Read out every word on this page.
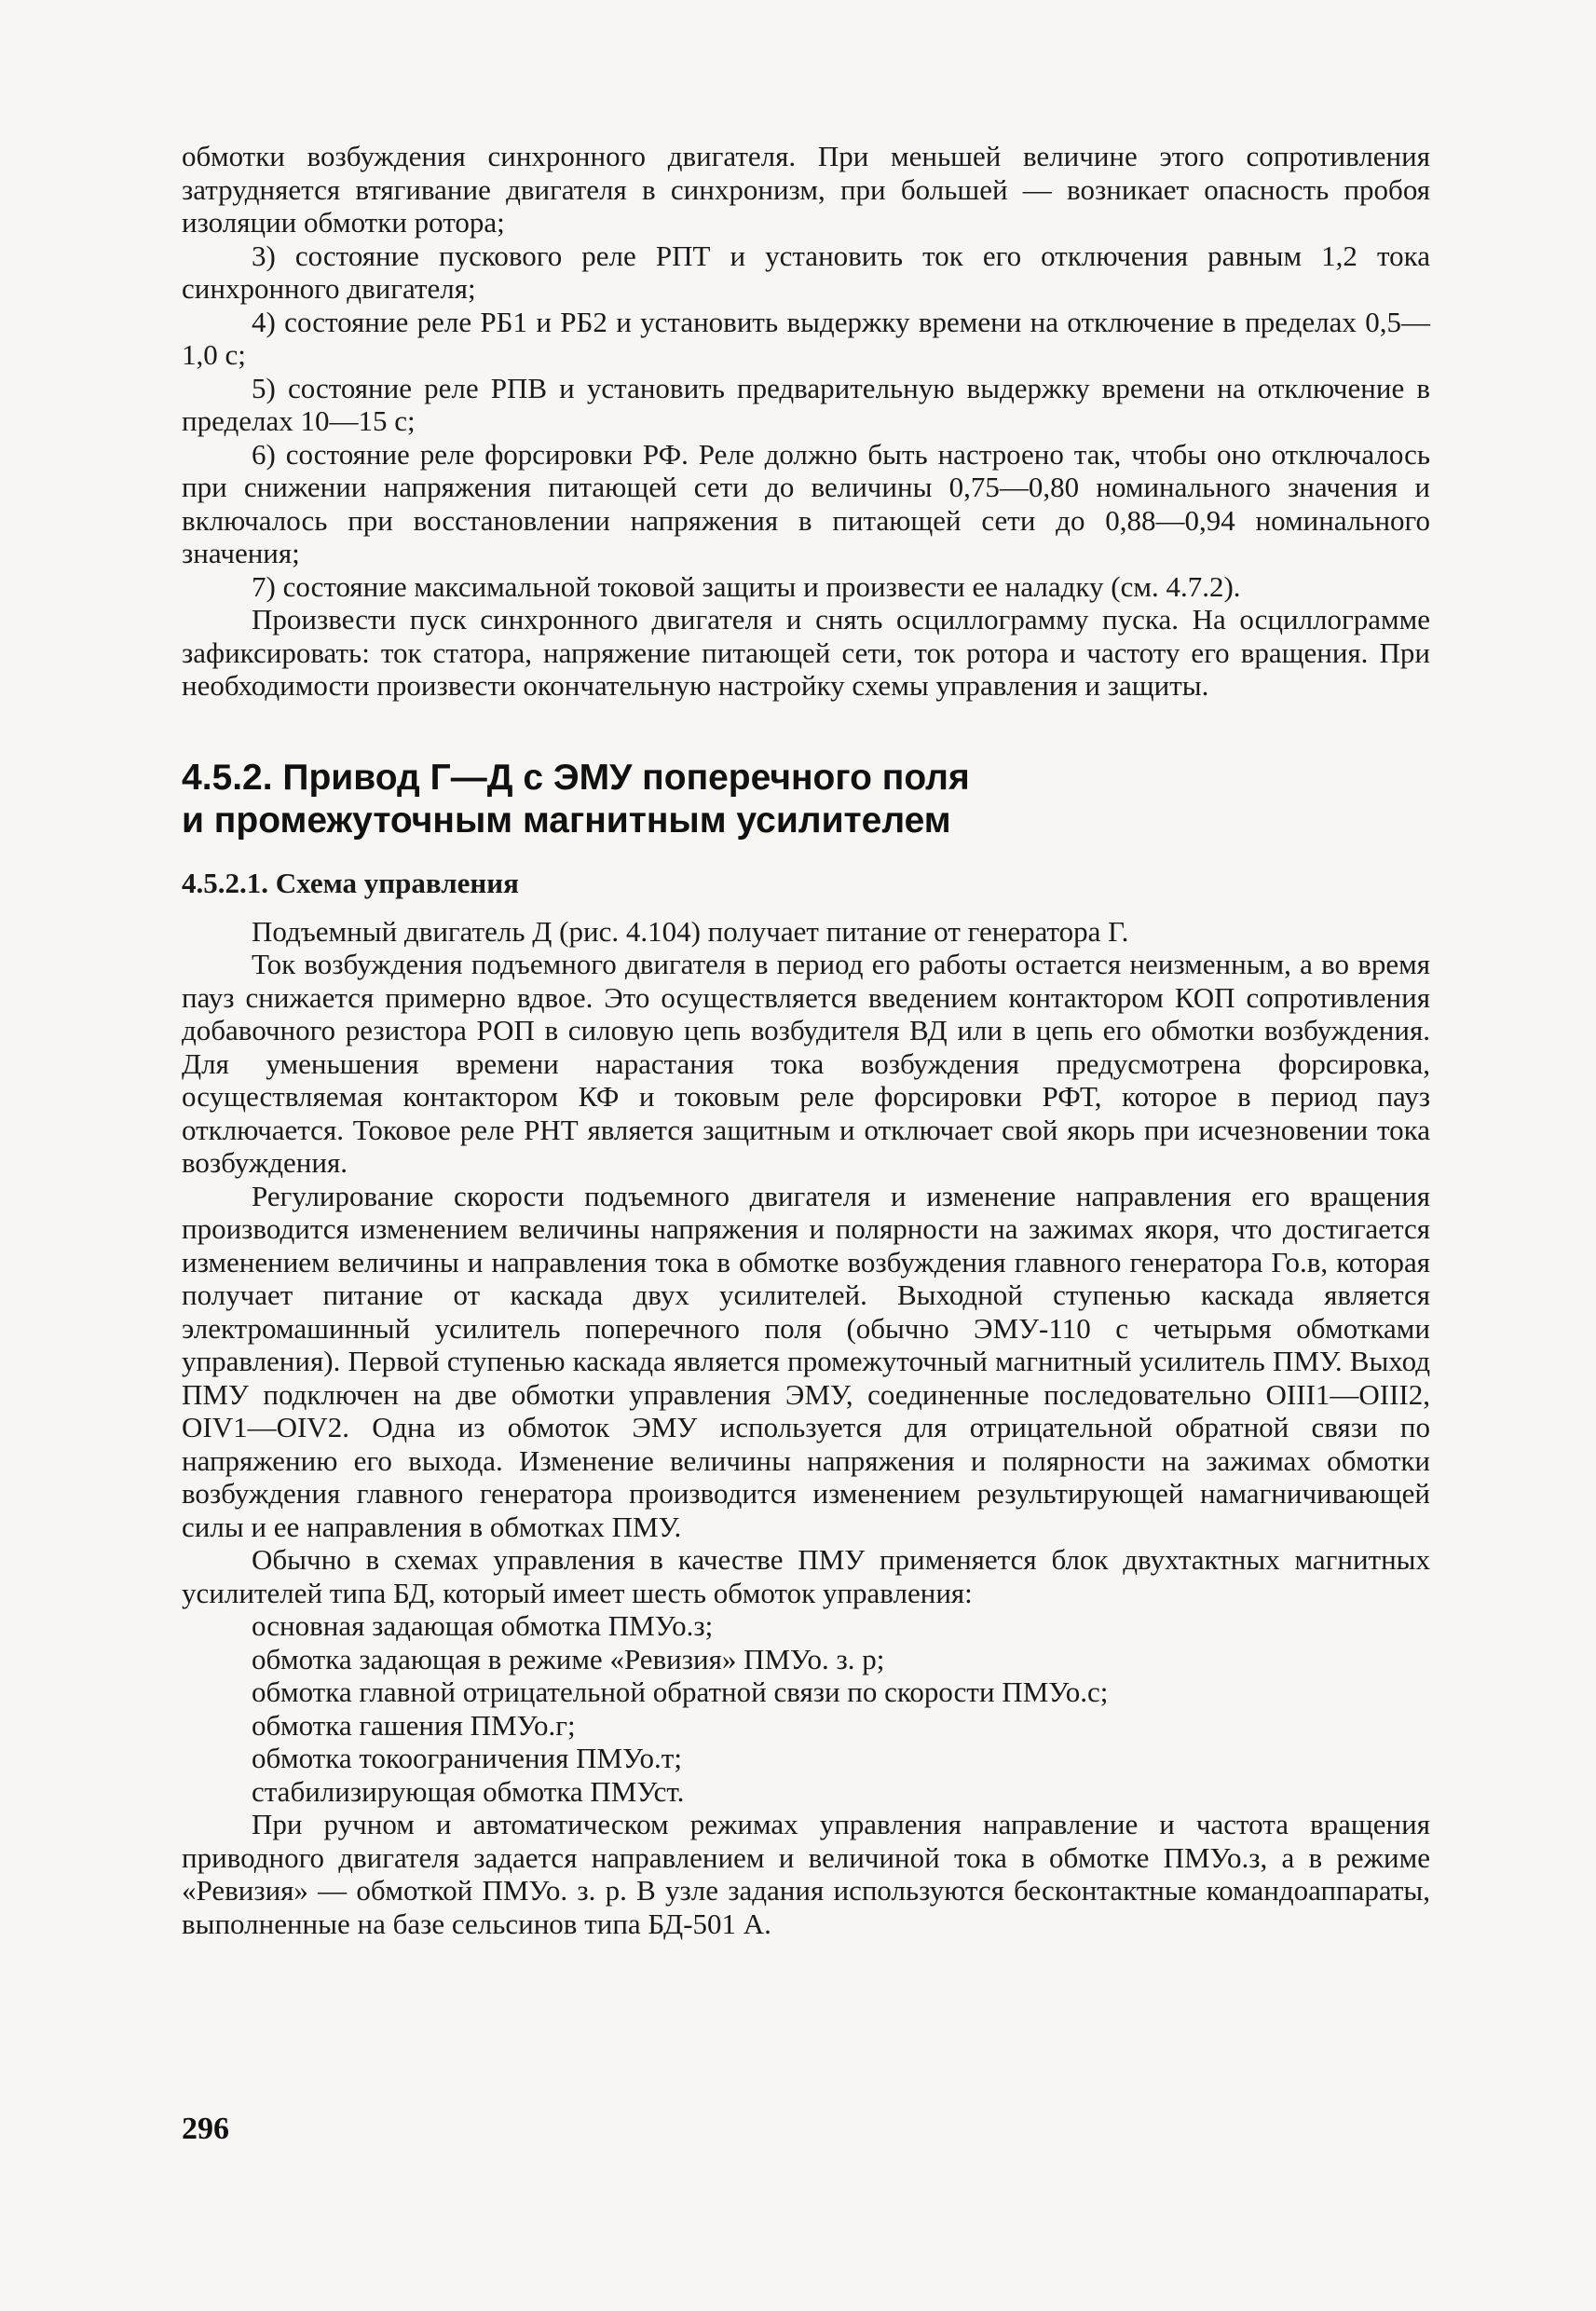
обмотки возбуждения синхронного двигателя. При меньшей величине этого сопротивления затрудняется втягивание двигателя в синхронизм, при большей — возникает опасность пробоя изоляции обмотки ротора;

3) состояние пускового реле РПТ и установить ток его отключения равным 1,2 тока синхронного двигателя;

4) состояние реле РБ1 и РБ2 и установить выдержку времени на отключение в пределах 0,5—1,0 с;

5) состояние реле РПВ и установить предварительную выдержку времени на отключение в пределах 10—15 с;

6) состояние реле форсировки РФ. Реле должно быть настроено так, чтобы оно отключалось при снижении напряжения питающей сети до величины 0,75—0,80 номинального значения и включалось при восстановлении напряжения в питающей сети до 0,88—0,94 номинального значения;

7) состояние максимальной токовой защиты и произвести ее наладку (см. 4.7.2).

Произвести пуск синхронного двигателя и снять осциллограмму пуска. На осциллограмме зафиксировать: ток статора, напряжение питающей сети, ток ротора и частоту его вращения. При необходимости произвести окончательную настройку схемы управления и защиты.

4.5.2. Привод Г—Д с ЭМУ поперечного поля
и промежуточным магнитным усилителем
4.5.2.1. Схема управления

Подъемный двигатель Д (рис. 4.104) получает питание от генератора Г.

Ток возбуждения подъемного двигателя в период его работы остается неизменным, а во время пауз снижается примерно вдвое. Это осуществляется введением контактором КОП сопротивления добавочного резистора РОП в силовую цепь возбудителя ВД или в цепь его обмотки возбуждения. Для уменьшения времени нарастания тока возбуждения предусмотрена форсировка, осуществляемая контактором КФ и токовым реле форсировки РФТ, которое в период пауз отключается. Токовое реле РНТ является защитным и отключает свой якорь при исчезновении тока возбуждения.

Регулирование скорости подъемного двигателя и изменение направления его вращения производится изменением величины напряжения и полярности на зажимах якоря, что достигается изменением величины и направления тока в обмотке возбуждения главного генератора Го.в, которая получает питание от каскада двух усилителей. Выходной ступенью каскада является электромашинный усилитель поперечного поля (обычно ЭМУ-110 с четырьмя обмотками управления). Первой ступенью каскада является промежуточный магнитный усилитель ПМУ. Выход ПМУ подключен на две обмотки управления ЭМУ, соединенные последовательно ОIII1—ОIII2, ОIV1—ОIV2. Одна из обмоток ЭМУ используется для отрицательной обратной связи по напряжению его выхода. Изменение величины напряжения и полярности на зажимах обмотки возбуждения главного генератора производится изменением результирующей намагничивающей силы и ее направления в обмотках ПМУ.

Обычно в схемах управления в качестве ПМУ применяется блок двухтактных магнитных усилителей типа БД, который имеет шесть обмоток управления:

основная задающая обмотка ПМУо.з;

обмотка задающая в режиме «Ревизия» ПМУо. з. р;

обмотка главной отрицательной обратной связи по скорости ПМУо.с;

обмотка гашения ПМУо.г;

обмотка токоограничения ПМУо.т;

стабилизирующая обмотка ПМУст.

При ручном и автоматическом режимах управления направление и частота вращения приводного двигателя задается направлением и величиной тока в обмотке ПМУо.з, а в режиме «Ревизия» — обмоткой ПМУо. з. р. В узле задания используются бесконтактные командоаппараты, выполненные на базе сельсинов типа БД-501 А.

296
